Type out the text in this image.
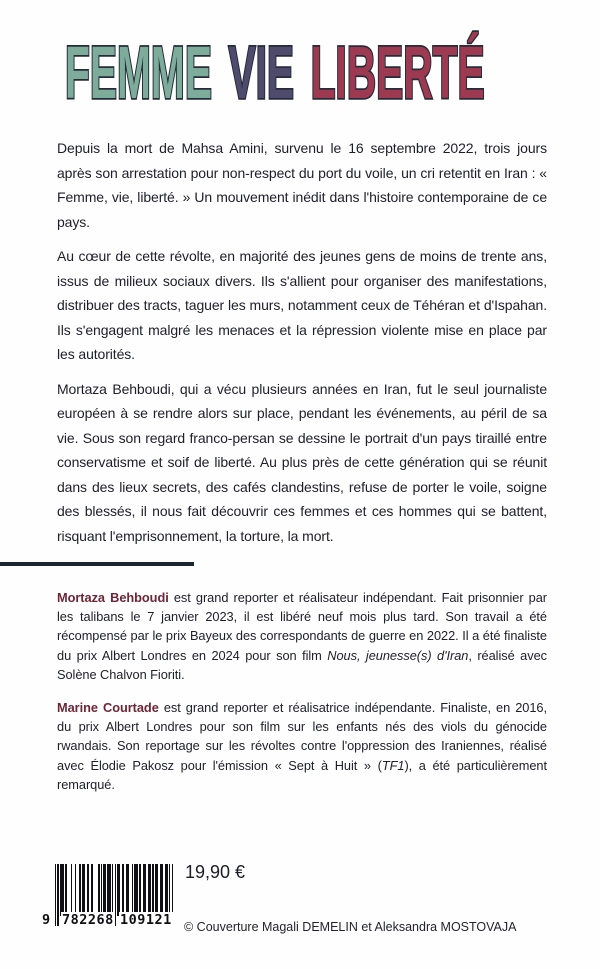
FEMME VIE LIBERTÉ

Depuis la mort de Mahsa Amini, survenu le 16 septembre 2022, trois jours après son arrestation pour non-respect du port du voile, un cri retentit en Iran : « Femme, vie, liberté. » Un mouvement inédit dans l'histoire contemporaine de ce pays.

Au cœur de cette révolte, en majorité des jeunes gens de moins de trente ans, issus de milieux sociaux divers. Ils s'allient pour organiser des manifestations, distribuer des tracts, taguer les murs, notamment ceux de Téhéran et d'Ispahan. Ils s'engagent malgré les menaces et la répression violente mise en place par les autorités.

Mortaza Behboudi, qui a vécu plusieurs années en Iran, fut le seul journaliste européen à se rendre alors sur place, pendant les événements, au péril de sa vie. Sous son regard franco-persan se dessine le portrait d'un pays tiraillé entre conservatisme et soif de liberté. Au plus près de cette génération qui se réunit dans des lieux secrets, des cafés clandestins, refuse de porter le voile, soigne des blessés, il nous fait découvrir ces femmes et ces hommes qui se battent, risquant l'emprisonnement, la torture, la mort.

Mortaza Behboudi est grand reporter et réalisateur indépendant. Fait prisonnier par les talibans le 7 janvier 2023, il est libéré neuf mois plus tard. Son travail a été récompensé par le prix Bayeux des correspondants de guerre en 2022. Il a été finaliste du prix Albert Londres en 2024 pour son film Nous, jeunesse(s) d'Iran, réalisé avec Solène Chalvon Fioriti.

Marine Courtade est grand reporter et réalisatrice indépendante. Finaliste, en 2016, du prix Albert Londres pour son film sur les enfants nés des viols du génocide rwandais. Son reportage sur les révoltes contre l'oppression des Iraniennes, réalisé avec Élodie Pakosz pour l'émission « Sept à Huit » (TF1), a été particulièrement remarqué.

19,90 €
9 782268 109121 © Couverture Magali DEMELIN et Aleksandra MOSTOVAJA
